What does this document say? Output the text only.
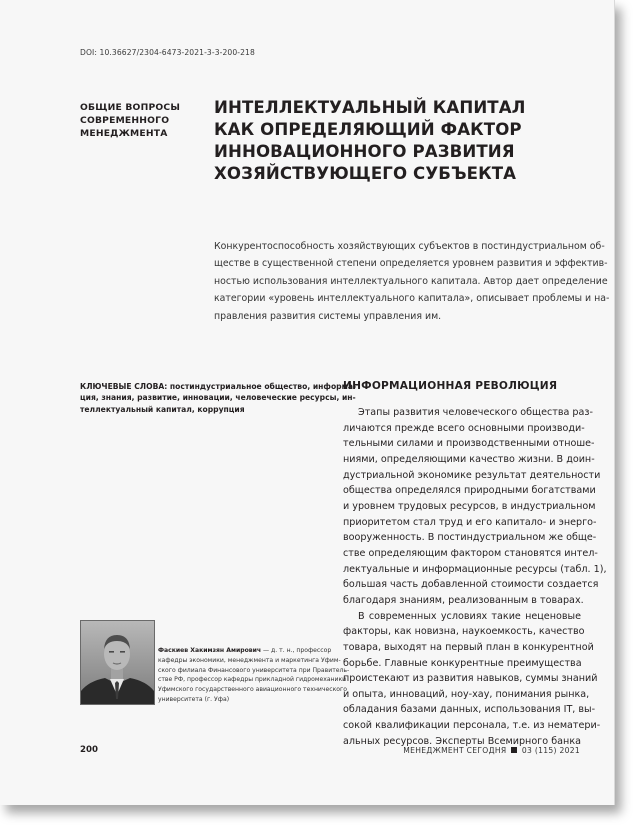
DOI: 10.36627/2304-6473-2021-3-3-200-218
ОБЩИЕ ВОПРОСЫ
СОВРЕМЕННОГО
МЕНЕДЖМЕНТА
ИНТЕЛЛЕКТУАЛЬНЫЙ КАПИТАЛ
КАК ОПРЕДЕЛЯЮЩИЙ ФАКТОР
ИННОВАЦИОННОГО РАЗВИТИЯ
ХОЗЯЙСТВУЮЩЕГО СУБЪЕКТА
Конкурентоспособность хозяйствующих субъектов в постиндустриальном об-
ществе в существенной степени определяется уровнем развития и эффектив-
ностью использования интеллектуального капитала. Автор дает определение
категории «уровень интеллектуального капитала», описывает проблемы и на-
правления развития системы управления им.
КЛЮЧЕВЫЕ СЛОВА: постиндустриальное общество, информа-
ция, знания, развитие, инновации, человеческие ресурсы, ин-
теллектуальный капитал, коррупция
ИНФОРМАЦИОННАЯ РЕВОЛЮЦИЯ
Этапы развития человеческого общества раз-
личаются прежде всего основными производи-
тельными силами и производственными отноше-
ниями, определяющими качество жизни. В доин-
дустриальной экономике результат деятельности
общества определялся природными богатствами
и уровнем трудовых ресурсов, в индустриальном
приоритетом стал труд и его капитало- и энерго-
вооруженность. В постиндустриальном же обще-
стве определяющим фактором становятся интел-
лектуальные и информационные ресурсы (табл. 1),
большая часть добавленной стоимости создается
благодаря знаниям, реализованным в товарах.
В современных условиях такие неценовые
факторы, как новизна, наукоемкость, качество
товара, выходят на первый план в конкурентной
борьбе. Главные конкурентные преимущества
проистекают из развития навыков, суммы знаний
и опыта, инноваций, ноу-хау, понимания рынка,
обладания базами данных, использования IT, вы-
сокой квалификации персонала, т.е. из нематери-
альных ресурсов. Эксперты Всемирного банка
Фаскиев Хакимзян Амирович — д. т. н., профессор
кафедры экономики, менеджмента и маркетинга Уфим-
ского филиала Финансового университета при Правитель-
стве РФ, профессор кафедры прикладной гидромеханики
Уфимского государственного авиационного технического
университета (г. Уфа)
200	МЕНЕДЖМЕНТ СЕГОДНЯ 03 (115) 2021
